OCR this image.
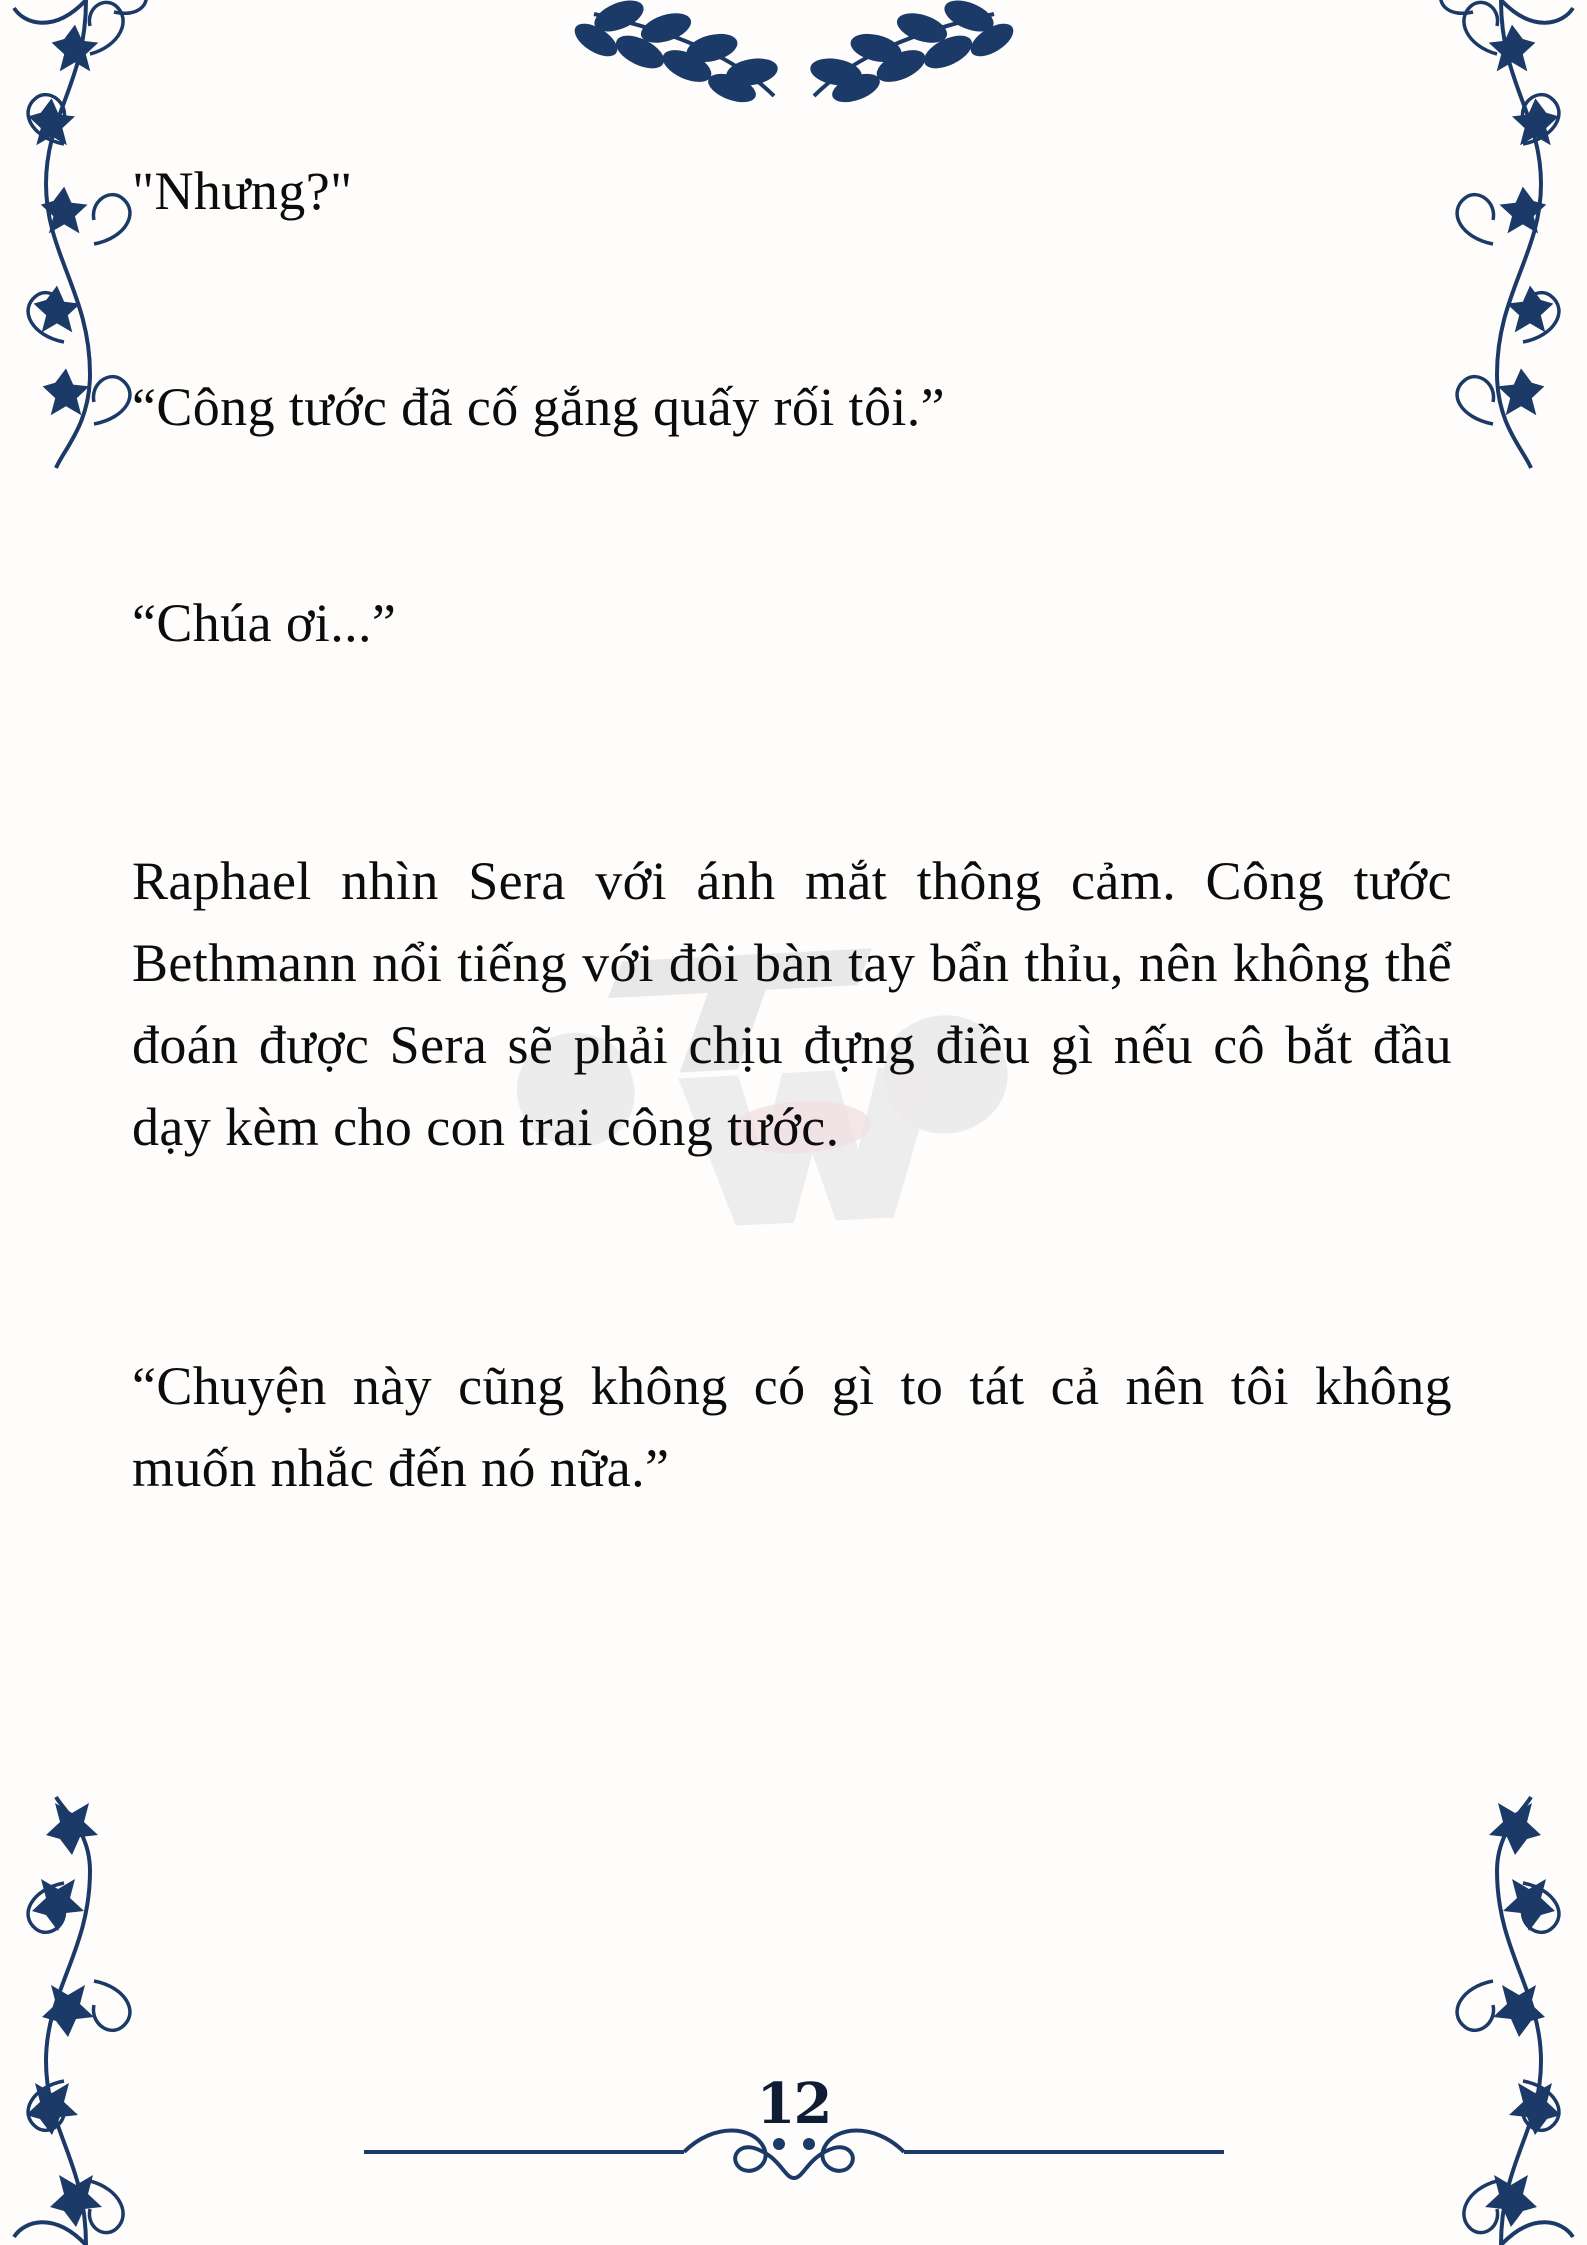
"Nhưng?"

“Công tước đã cố gắng quấy rối tôi.”

“Chúa ơi...”

Raphael nhìn Sera với ánh mắt thông cảm. Công tước Bethmann nổi tiếng với đôi bàn tay bẩn thỉu, nên không thể đoán được Sera sẽ phải chịu đựng điều gì nếu cô bắt đầu dạy kèm cho con trai công tước.

“Chuyện này cũng không có gì to tát cả nên tôi không muốn nhắc đến nó nữa.”

12
